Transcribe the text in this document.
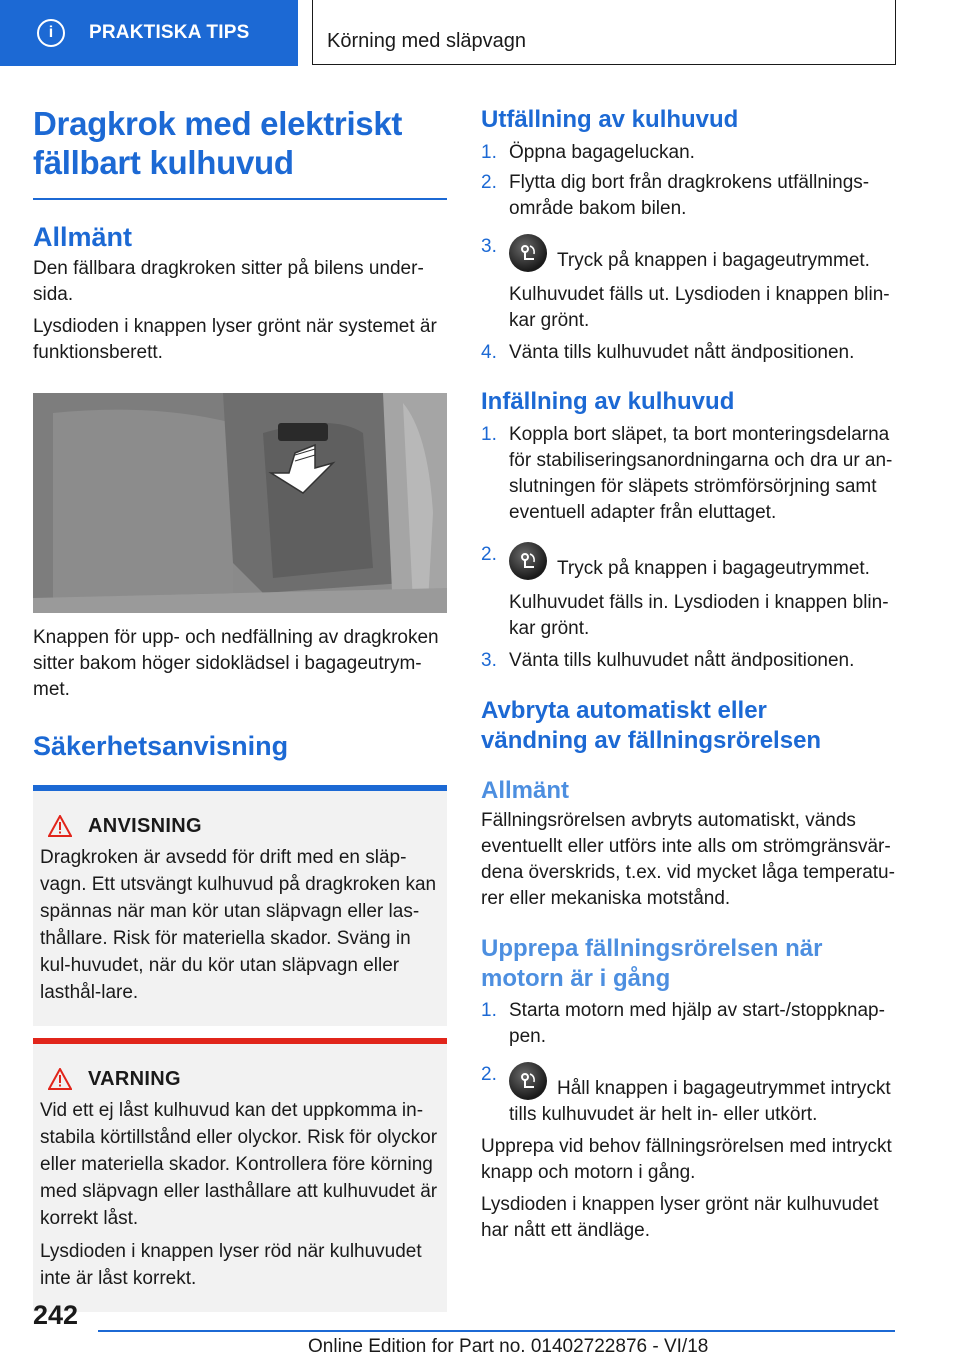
i	PRAKTISKA TIPS	Körning med släpvagn
Dragkrok med elektriskt
fällbart kulhuvud
Allmänt

Den fällbara dragkroken sitter på bilens under-sida.

Lysdioden i knappen lyser grönt när systemet är funktionsberett.

Knappen för upp- och nedfällning av dragkroken sitter bakom höger sidoklädsel i bagageutrym-met.

Säkerhetsanvisning
ANVISNING

Dragkroken är avsedd för drift med en släp-vagn. Ett utsvängt kulhuvud på dragkroken kan spännas när man kör utan släpvagn eller las-thållare. Risk för materiella skador. Sväng in kul-huvudet, när du kör utan släpvagn eller lasthål-lare.

VARNING

Vid ett ej låst kulhuvud kan det uppkomma in-stabila körtillstånd eller olyckor. Risk för olyckor eller materiella skador. Kontrollera före körning med släpvagn eller lasthållare att kulhuvudet är korrekt låst.

Lysdioden i knappen lyser röd när kulhuvudet inte är låst korrekt.

Utfällning av kulhuvud
1. Öppna bagageluckan.
2. Flytta dig bort från dragkrokens utfällnings-område bakom bilen.
3.
Tryck på knappen i bagageutrymmet.
Kulhuvudet fälls ut. Lysdioden i knappen blin-kar grönt.
4. Vänta tills kulhuvudet nått ändpositionen.
Infällning av kulhuvud
1. Koppla bort släpet, ta bort monteringsdelarna för stabiliseringsanordningarna och dra ur an-slutningen för släpets strömförsörjning samt eventuell adapter från eluttaget.
2.
Tryck på knappen i bagageutrymmet.
Kulhuvudet fälls in. Lysdioden i knappen blin-kar grönt.
3. Vänta tills kulhuvudet nått ändpositionen.
Avbryta automatiskt eller
vändning av fällningsrörelsen
Allmänt

Fällningsrörelsen avbryts automatiskt, vänds eventuellt eller utförs inte alls om strömgränsvär-dena överskrids, t.ex. vid mycket låga temperatu-rer eller mekaniska motstånd.

Upprepa fällningsrörelsen när
motorn är i gång
1. Starta motorn med hjälp av start-/stoppknap-pen.
2.
Håll knappen i bagageutrymmet intryckt tills kulhuvudet är helt in- eller utkört.

Upprepa vid behov fällningsrörelsen med intryckt knapp och motorn i gång.

Lysdioden i knappen lyser grönt när kulhuvudet har nått ett ändläge.

242
Online Edition for Part no. 01402722876 - VI/18
